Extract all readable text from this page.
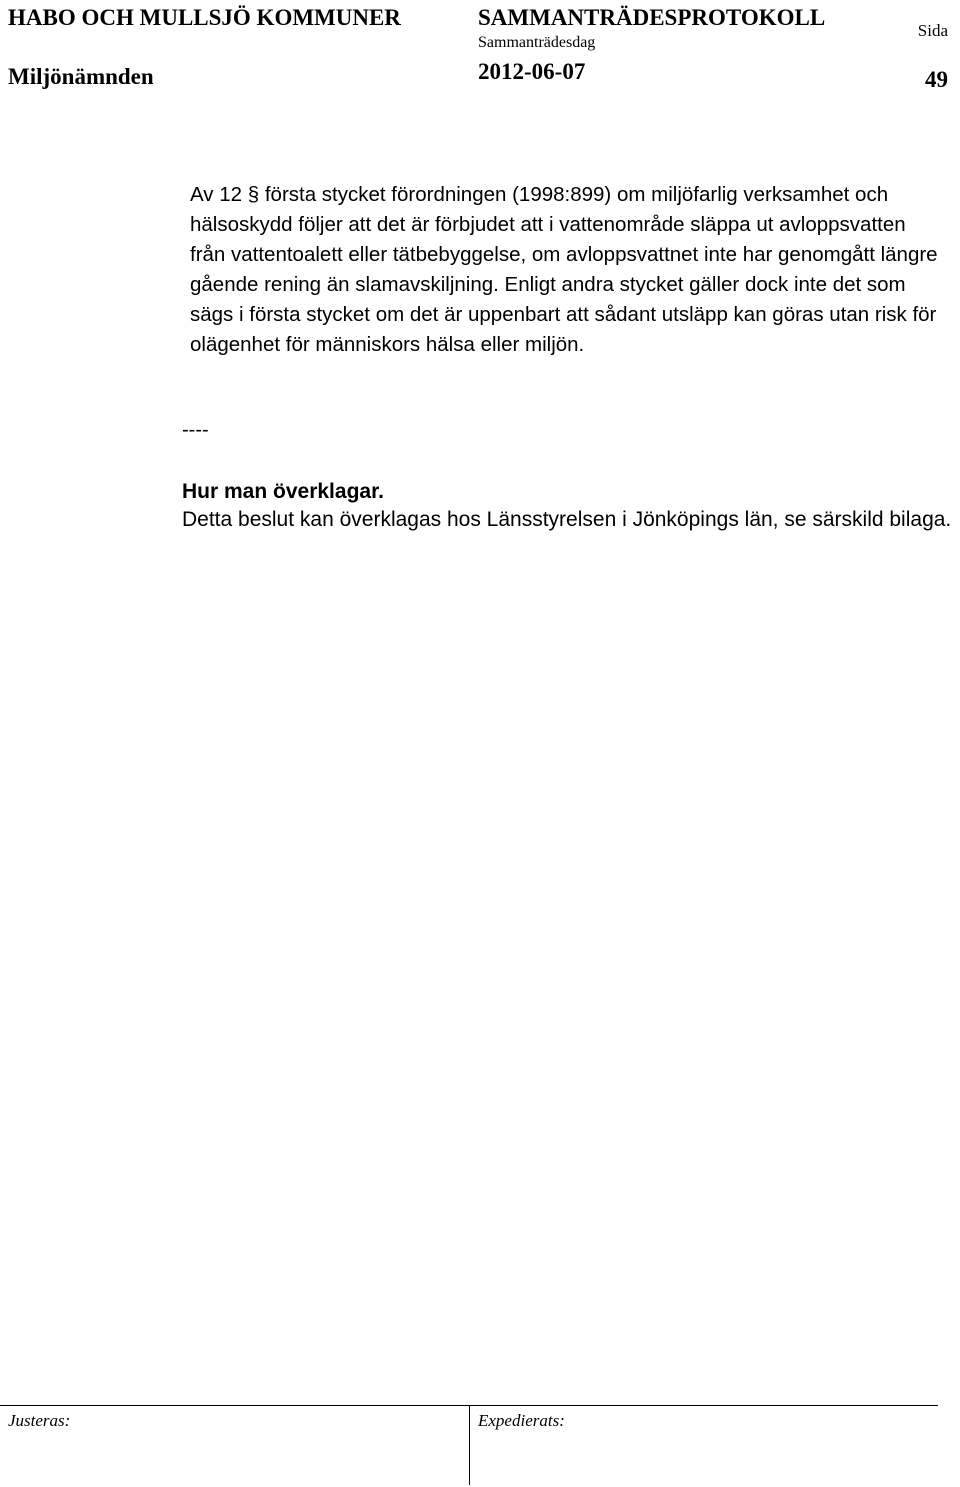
HABO OCH MULLSJÖ KOMMUNER	SAMMANTRÄDESPROTOKOLL
Sida
Sammanträdesdag
Miljönämnden	2012-06-07	49

Av 12 § första stycket förordningen (1998:899) om miljöfarlig verksamhet och hälsoskydd följer att det är förbjudet att i vattenområde släppa ut avloppsvatten från vattentoalett eller tätbebyggelse, om avloppsvattnet inte har genomgått längre gående rening än slamavskiljning. Enligt andra stycket gäller dock inte det som sägs i första stycket om det är uppenbart att sådant utsläpp kan göras utan risk för olägenhet för människors hälsa eller miljön.

----
Hur man överklagar.

Detta beslut kan överklagas hos Länsstyrelsen i Jönköpings län, se särskild bilaga.

Justeras:	Expedierats:
